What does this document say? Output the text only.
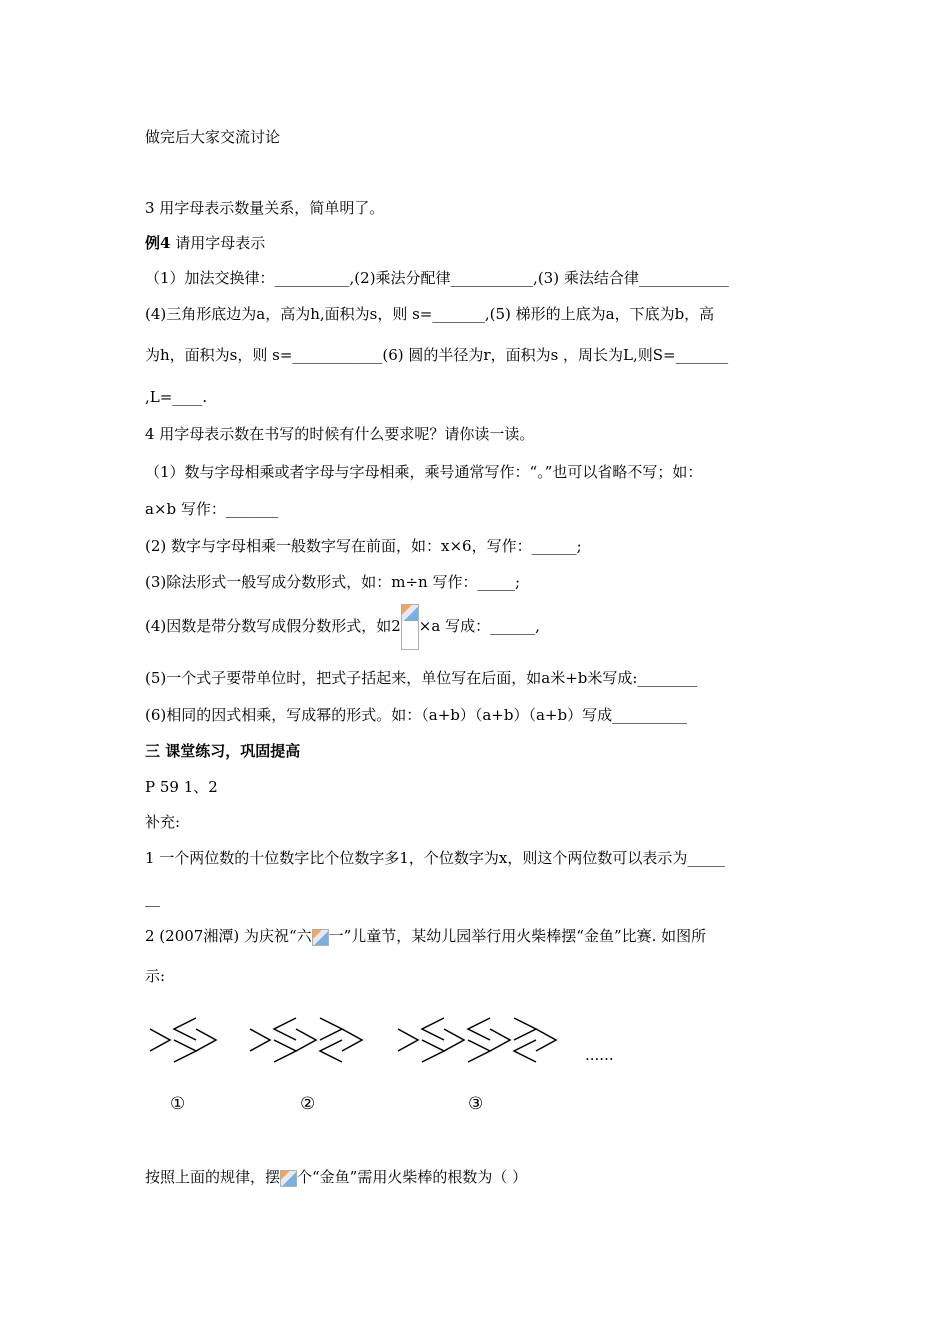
做完后大家交流讨论
3 用字母表示数量关系，简单明了。
例4 请用字母表示
（1）加法交换律：__________,(2)乘法分配律___________,(3) 乘法结合律____________
(4)三角形底边为a，高为h,面积为s，则 s=_______,(5) 梯形的上底为a，下底为b，高
为h，面积为s，则 s=____________(6) 圆的半径为r，面积为s ，周长为L,则S=_______
,L=____.
4 用字母表示数在书写的时候有什么要求呢？请你读一读。
（1）数与字母相乘或者字母与字母相乘，乘号通常写作：“。”也可以省略不写；如：
a×b 写作：_______
(2) 数字与字母相乘一般数字写在前面，如：x×6，写作：______;
(3)除法形式一般写成分数形式，如：m÷n 写作：_____;
(4)因数是带分数写成假分数形式，如2 ×a 写成：______,
(5)一个式子要带单位时，把式子括起来，单位写在后面，如a米+b米写成:________
(6)相同的因式相乘，写成幂的形式。如：（a+b）（a+b）（a+b）写成__________
三 课堂练习，巩固提高
P 59 1、2
补充:
1 一个两位数的十位数字比个位数字多1，个位数字为x，则这个两位数可以表示为_____
__
2 (2007湘潭) 为庆祝“六 一”儿童节，某幼儿园举行用火柴棒摆“金鱼”比赛. 如图所
示:
......
①	②	③
按照上面的规律，摆 个“金鱼”需用火柴棒的根数为（ ）
